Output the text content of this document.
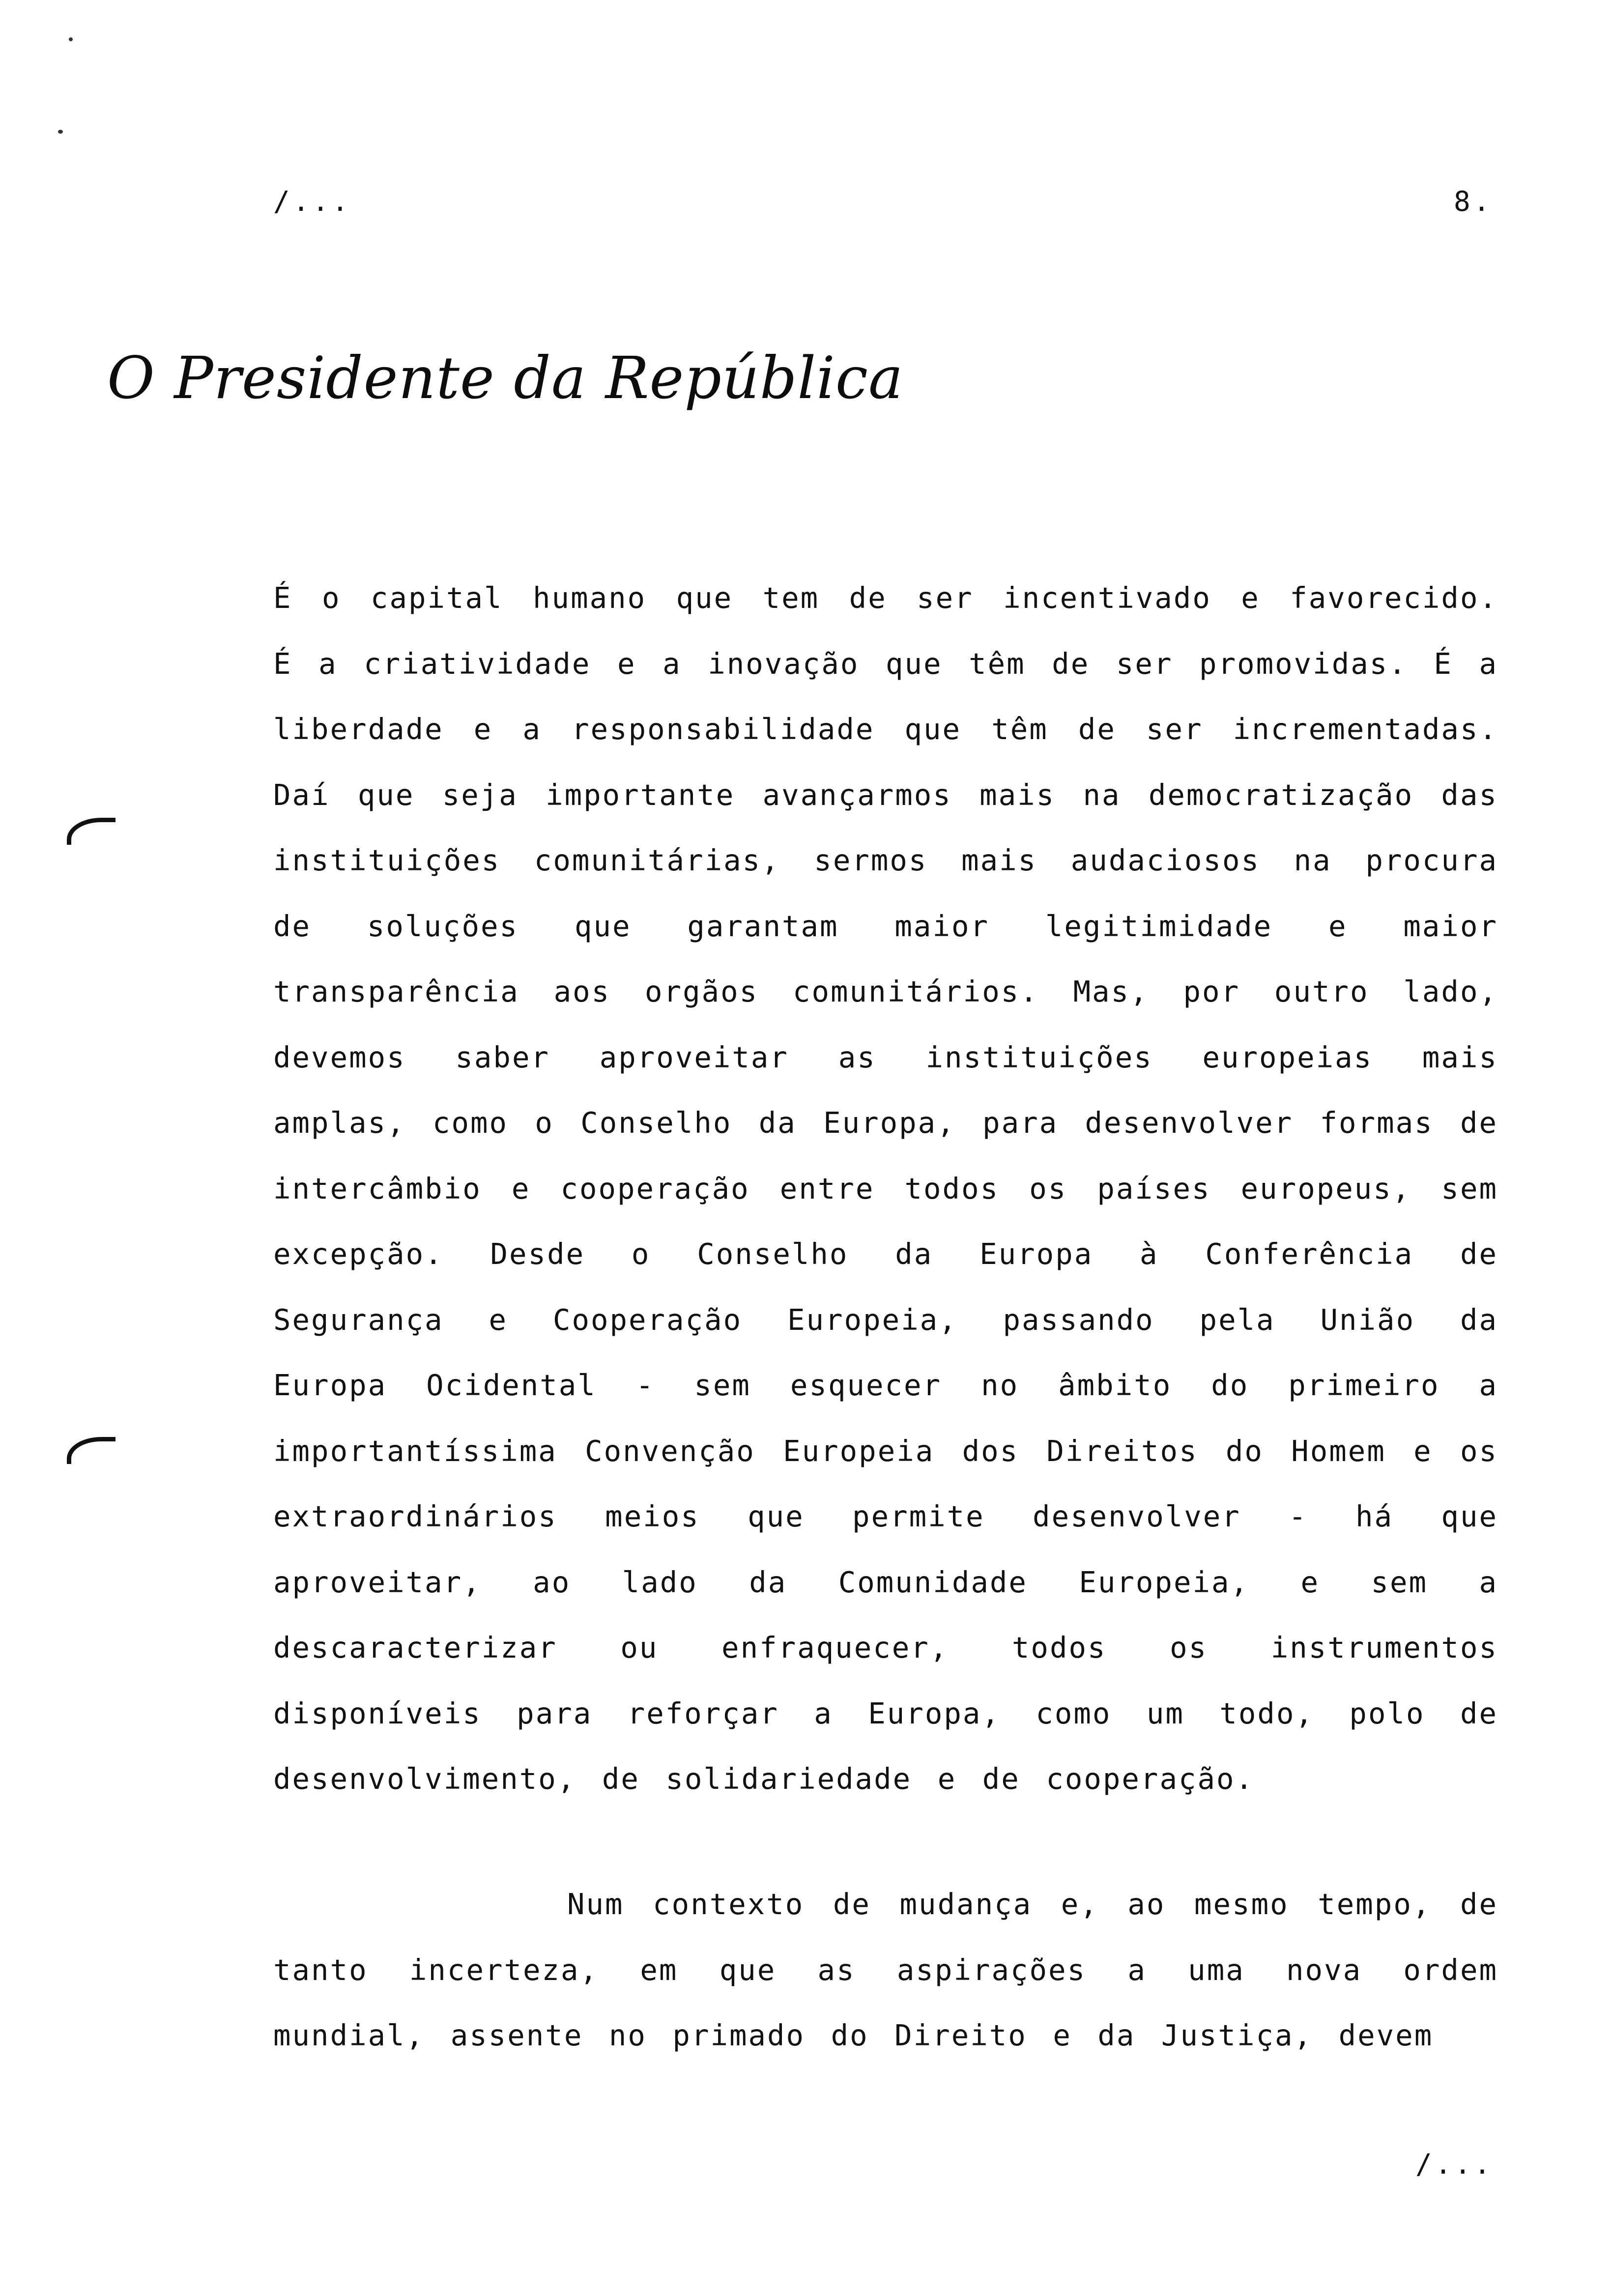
/...	8.
O Presidente da República

É o capital humano que tem de ser incentivado e favorecido. É a criatividade e a inovação que têm de ser promovidas. É a liberdade e a responsabilidade que têm de ser incrementadas. Daí que seja importante avançarmos mais na democratização das instituições comunitárias, sermos mais audaciosos na procura de soluções que garantam maior legitimidade e maior transparência aos orgãos comunitários. Mas, por outro lado, devemos saber aproveitar as instituições europeias mais amplas, como o Conselho da Europa, para desenvolver formas de intercâmbio e cooperação entre todos os países europeus, sem excepção. Desde o Conselho da Europa à Conferência de Segurança e Cooperação Europeia, passando pela União da Europa Ocidental - sem esquecer no âmbito do primeiro a importantíssima Convenção Europeia dos Direitos do Homem e os extraordinários meios que permite desenvolver - há que aproveitar, ao lado da Comunidade Europeia, e sem a descaracterizar ou enfraquecer, todos os instrumentos disponíveis para reforçar a Europa, como um todo, polo de desenvolvimento, de solidariedade e de cooperação.

Num contexto de mudança e, ao mesmo tempo, de tanto incerteza, em que as aspirações a uma nova ordem mundial, assente no primado do Direito e da Justiça, devem

/...
